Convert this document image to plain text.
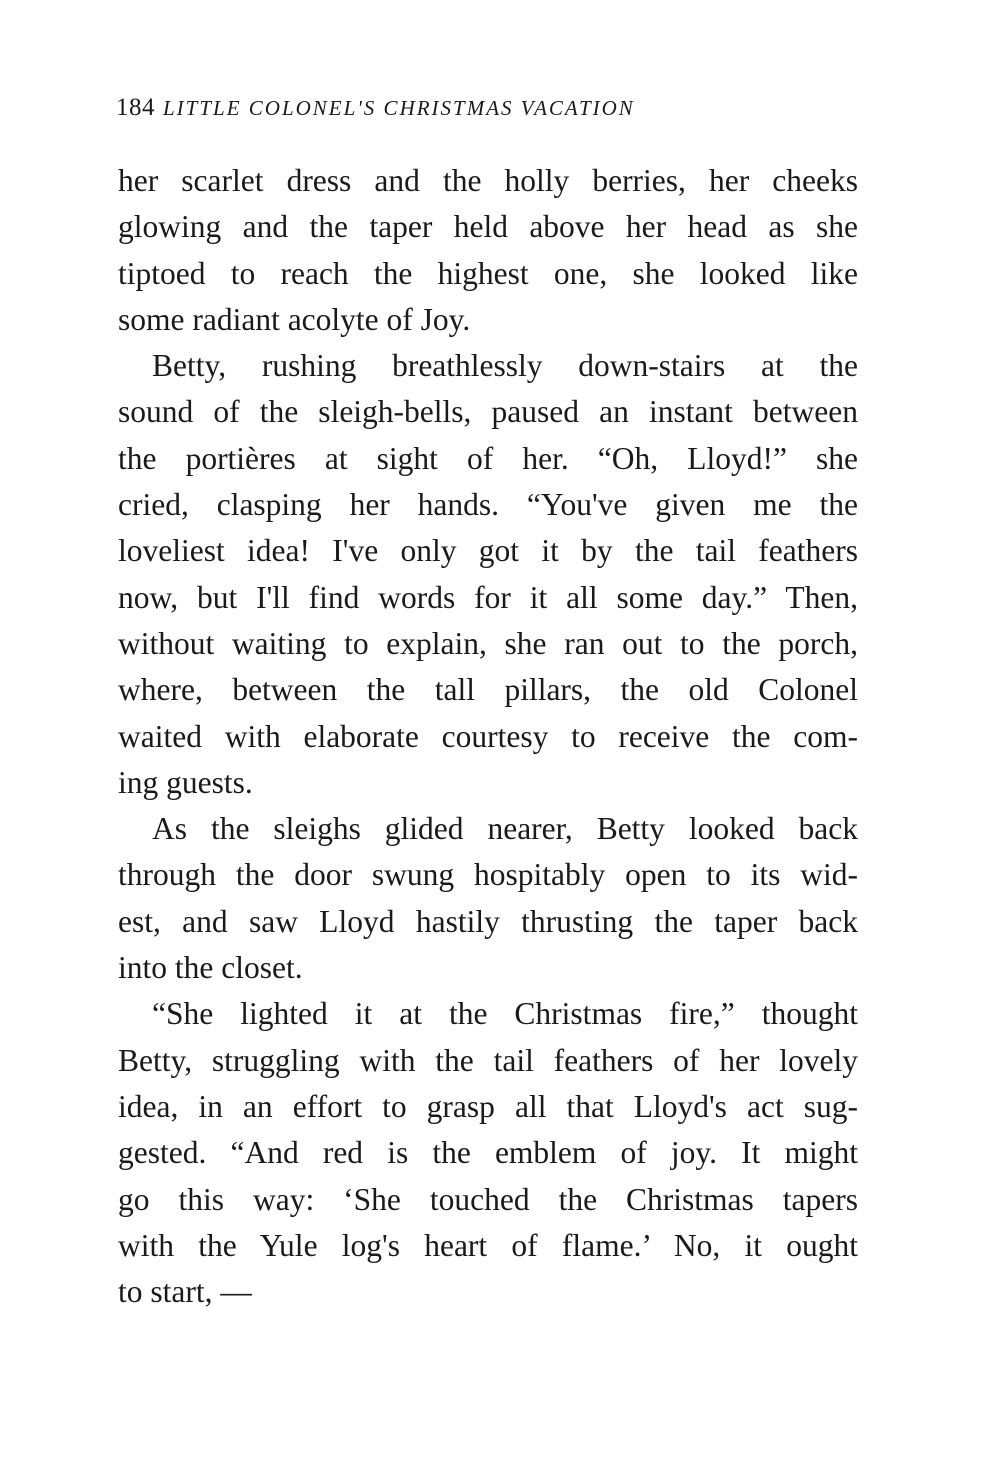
184 LITTLE COLONEL'S CHRISTMAS VACATION
her scarlet dress and the holly berries, her cheeks
glowing and the taper held above her head as she
tiptoed to reach the highest one, she looked like
some radiant acolyte of Joy.
Betty, rushing breathlessly down-stairs at the
sound of the sleigh-bells, paused an instant between
the portières at sight of her. “Oh, Lloyd!” she
cried, clasping her hands. “You've given me the
loveliest idea! I've only got it by the tail feathers
now, but I'll find words for it all some day.” Then,
without waiting to explain, she ran out to the porch,
where, between the tall pillars, the old Colonel
waited with elaborate courtesy to receive the com-
ing guests.
As the sleighs glided nearer, Betty looked back
through the door swung hospitably open to its wid-
est, and saw Lloyd hastily thrusting the taper back
into the closet.
“She lighted it at the Christmas fire,” thought
Betty, struggling with the tail feathers of her lovely
idea, in an effort to grasp all that Lloyd's act sug-
gested. “And red is the emblem of joy. It might
go this way: ‘She touched the Christmas tapers
with the Yule log's heart of flame.’ No, it ought
to start, —
